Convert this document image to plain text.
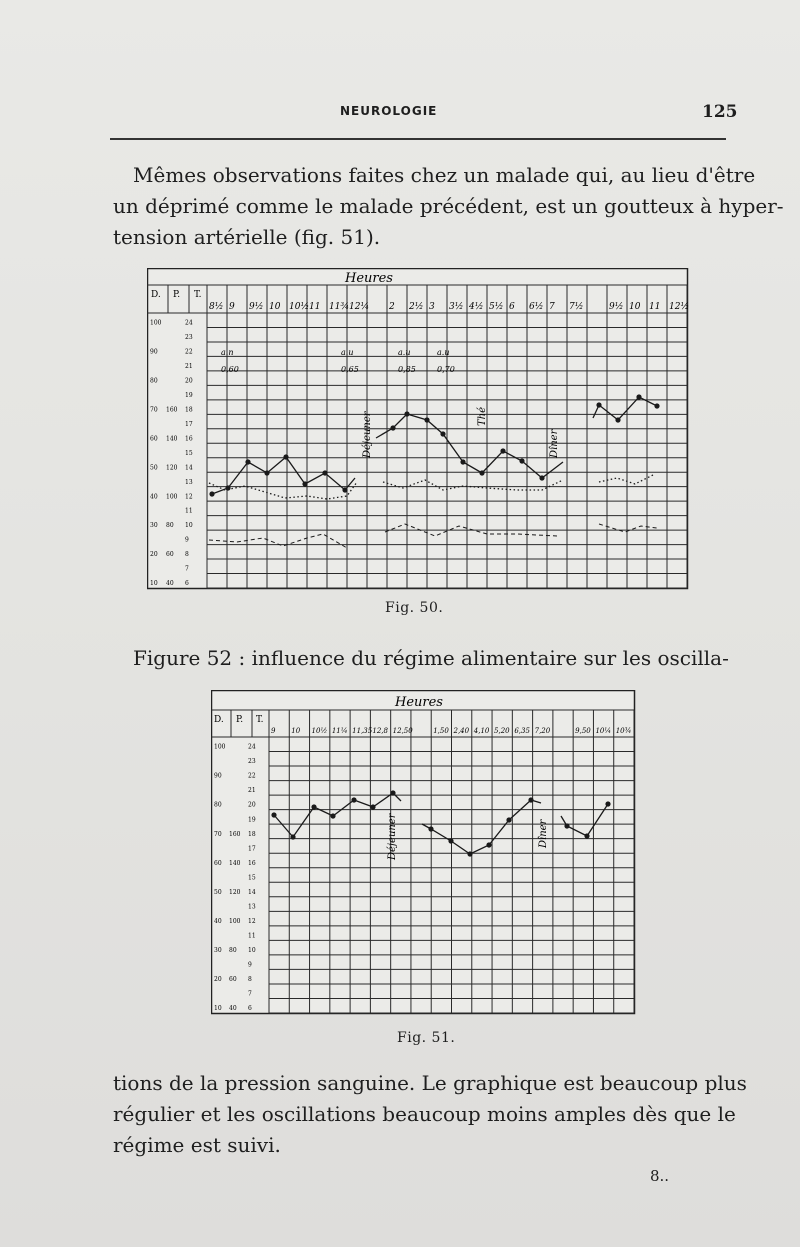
NEUROLOGIE	125
Mêmes observations faites chez un malade qui, au lieu d'être
un déprimé comme le malade précédent, est un goutteux à hyper-
tension artérielle (fig. 51).
Heures
D. P. T.
8½ 9 9½ 10 10½ 11 11¾ 12¼ 2 2½ 3 3½ 4½ 5½ 6 6½ 7 7½	9½ 10 11 12½
24
23
22
21
20
19
18
17
16
15
14
13
12
11
10
9
8
7
6
100
90
80
70
60
50
40
30
20
10
160
140
120
100
80
60
40
a.n
0,60
a.u
0,65
a.u
0,85
a.u
0,70
Déjeuner	Thé
Dîner
Fig. 50.
Figure 52 : influence du régime alimentaire sur les oscilla-
Heures
D. P. T.
9 10 10½ 11¼ 11,35 12,8 12,50	1,50 2,40 4,10 5,20 6,35 7,20	9,50 10¼ 10¾
24
23
22
21
20
19
18
17
16
15
14
13
12
11
10
9
8
7
6
100
90
80
70
60
50
40
30
20
10
160
140
120
100
80
60
40
Déjeuner	Dîner
Fig. 51.
tions de la pression sanguine. Le graphique est beaucoup plus
régulier et les oscillations beaucoup moins amples dès que le
régime est suivi.
8..
